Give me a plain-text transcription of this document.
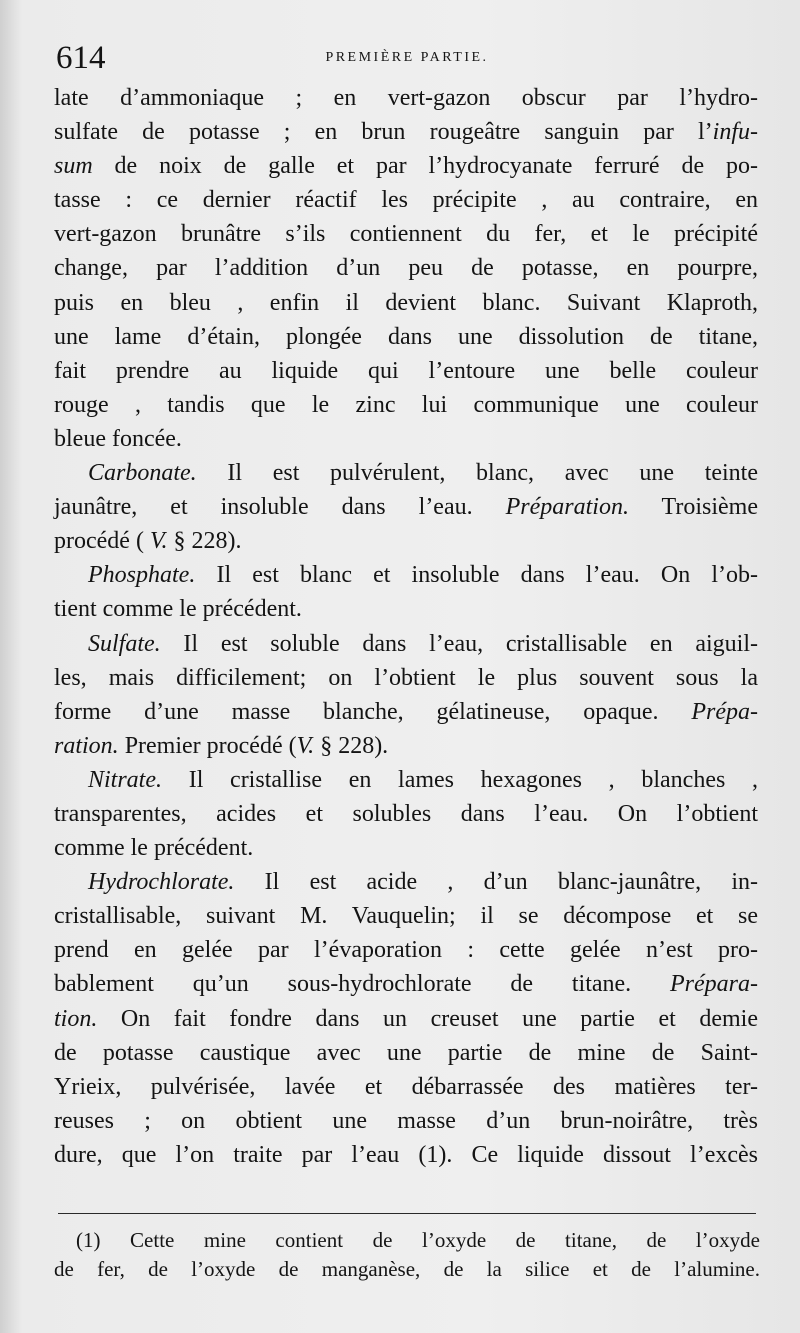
614	PREMIÈRE PARTIE.
late d’ammoniaque ; en vert-gazon obscur par l’hydro-
sulfate de potasse ; en brun rougeâtre sanguin par l’infu-
sum de noix de galle et par l’hydrocyanate ferruré de po-
tasse : ce dernier réactif les précipite , au contraire, en
vert-gazon brunâtre s’ils contiennent du fer, et le précipité
change, par l’addition d’un peu de potasse, en pourpre,
puis en bleu , enfin il devient blanc. Suivant Klaproth,
une lame d’étain, plongée dans une dissolution de titane,
fait prendre au liquide qui l’entoure une belle couleur
rouge , tandis que le zinc lui communique une couleur
bleue foncée.
Carbonate. Il est pulvérulent, blanc, avec une teinte
jaunâtre, et insoluble dans l’eau. Préparation. Troisième
procédé ( V. § 228).
Phosphate. Il est blanc et insoluble dans l’eau. On l’ob-
tient comme le précédent.
Sulfate. Il est soluble dans l’eau, cristallisable en aiguil-
les, mais difficilement; on l’obtient le plus souvent sous la
forme d’une masse blanche, gélatineuse, opaque. Prépa-
ration. Premier procédé (V. § 228).
Nitrate. Il cristallise en lames hexagones , blanches ,
transparentes, acides et solubles dans l’eau. On l’obtient
comme le précédent.
Hydrochlorate. Il est acide , d’un blanc-jaunâtre, in-
cristallisable, suivant M. Vauquelin; il se décompose et se
prend en gelée par l’évaporation : cette gelée n’est pro-
bablement qu’un sous-hydrochlorate de titane. Prépara-
tion. On fait fondre dans un creuset une partie et demie
de potasse caustique avec une partie de mine de Saint-
Yrieix, pulvérisée, lavée et débarrassée des matières ter-
reuses ; on obtient une masse d’un brun-noirâtre, très
dure, que l’on traite par l’eau (1). Ce liquide dissout l’excès
(1) Cette mine contient de l’oxyde de titane, de l’oxyde
de fer, de l’oxyde de manganèse, de la silice et de l’alumine.
